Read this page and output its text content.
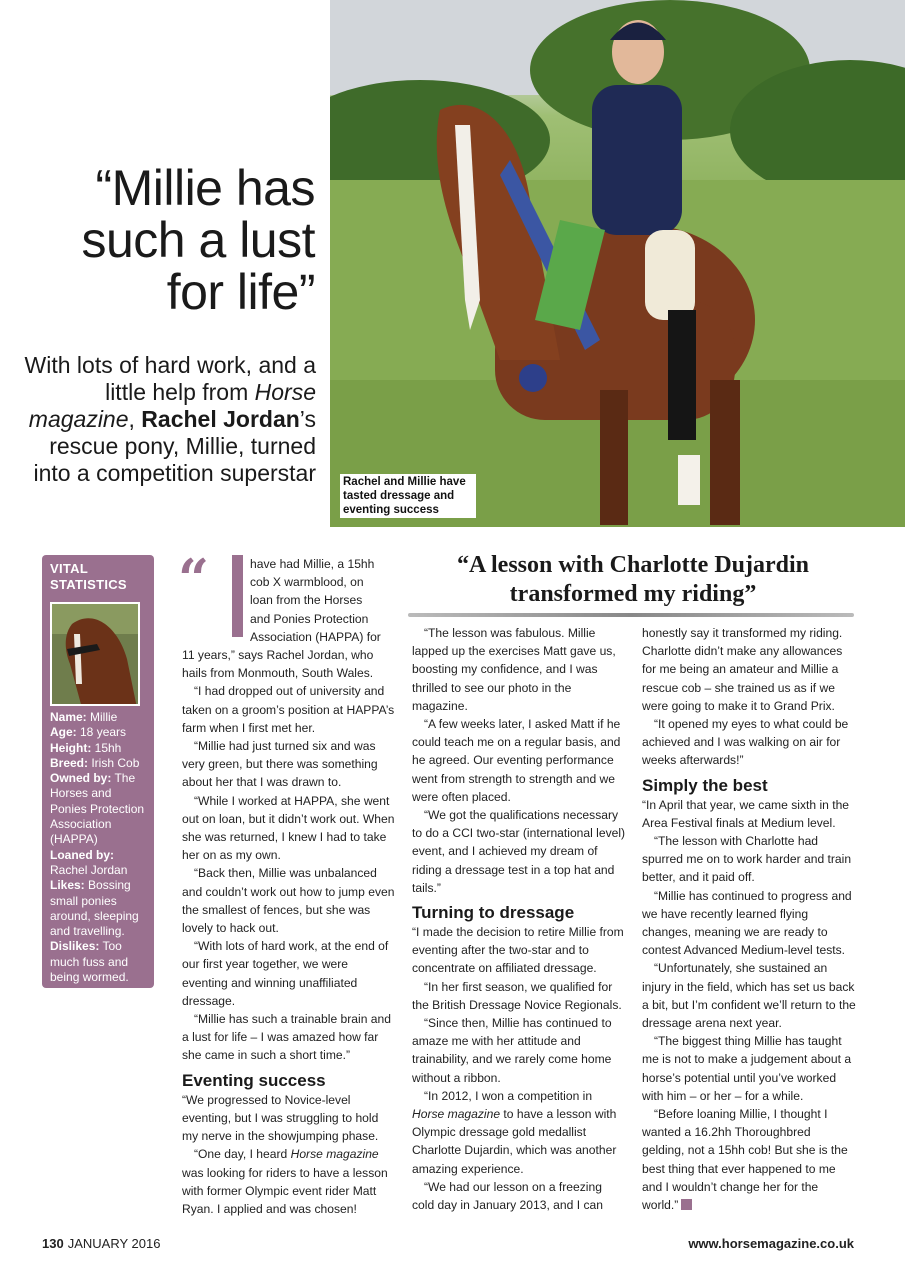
“Millie has
such a lust
for life”
With lots of hard work, and a little help from Horse magazine, Rachel Jordan’s rescue pony, Millie, turned into a competition superstar Rachel and Millie have
tasted dressage and
eventing success
VITAL
STATISTICS
Name: Millie
Age: 18 years
Height: 15hh
Breed: Irish Cob
Owned by: The Horses and Ponies Protection Association (HAPPA)
Loaned by: Rachel Jordan
Likes: Bossing small ponies around, sleeping and travelling.
Dislikes: Too much fuss and being wormed.
“	have had Millie, a 15hh
cob X warmblood, on
loan from the Horses
and Ponies Protection
Association (HAPPA) for

11 years,” says Rachel Jordan, who hails from Monmouth, South Wales.

“I had dropped out of university and taken on a groom’s position at HAPPA’s farm when I first met her.

“Millie had just turned six and was very green, but there was something about her that I was drawn to.

“While I worked at HAPPA, she went out on loan, but it didn’t work out. When she was returned, I knew I had to take her on as my own.

“Back then, Millie was unbalanced and couldn’t work out how to jump even the smallest of fences, but she was lovely to hack out.

“With lots of hard work, at the end of our first year together, we were eventing and winning unaffiliated dressage.

“Millie has such a trainable brain and a lust for life – I was amazed how far she came in such a short time.”

Eventing success

“We progressed to Novice-level eventing, but I was struggling to hold my nerve in the showjumping phase.

“One day, I heard Horse magazine was looking for riders to have a lesson with former Olympic event rider Matt Ryan. I applied and was chosen!

“A lesson with Charlotte Dujardin
transformed my riding”

“The lesson was fabulous. Millie lapped up the exercises Matt gave us, boosting my confidence, and I was thrilled to see our photo in the magazine.

“A few weeks later, I asked Matt if he could teach me on a regular basis, and he agreed. Our eventing performance went from strength to strength and we were often placed.

“We got the qualifications necessary to do a CCI two-star (international level) event, and I achieved my dream of riding a dressage test in a top hat and tails.”

Turning to dressage

“I made the decision to retire Millie from eventing after the two-star and to concentrate on affiliated dressage.

“In her first season, we qualified for the British Dressage Novice Regionals.

“Since then, Millie has continued to amaze me with her attitude and trainability, and we rarely come home without a ribbon.

“In 2012, I won a competition in Horse magazine to have a lesson with Olympic dressage gold medallist Charlotte Dujardin, which was another amazing experience.

“We had our lesson on a freezing cold day in January 2013, and I can

honestly say it transformed my riding. Charlotte didn’t make any allowances for me being an amateur and Millie a rescue cob – she trained us as if we were going to make it to Grand Prix.

“It opened my eyes to what could be achieved and I was walking on air for weeks afterwards!”

Simply the best

“In April that year, we came sixth in the Area Festival finals at Medium level.

“The lesson with Charlotte had spurred me on to work harder and train better, and it paid off.

“Millie has continued to progress and we have recently learned flying changes, meaning we are ready to contest Advanced Medium-level tests.

“Unfortunately, she sustained an injury in the field, which has set us back a bit, but I’m confident we’ll return to the dressage arena next year.

“The biggest thing Millie has taught me is not to make a judgement about a horse’s potential until you’ve worked with him – or her – for a while.

“Before loaning Millie, I thought I wanted a 16.2hh Thoroughbred gelding, not a 15hh cob! But she is the best thing that ever happened to me and I wouldn’t change her for the world.”

130 JANUARY 2016	www.horsemagazine.co.uk
